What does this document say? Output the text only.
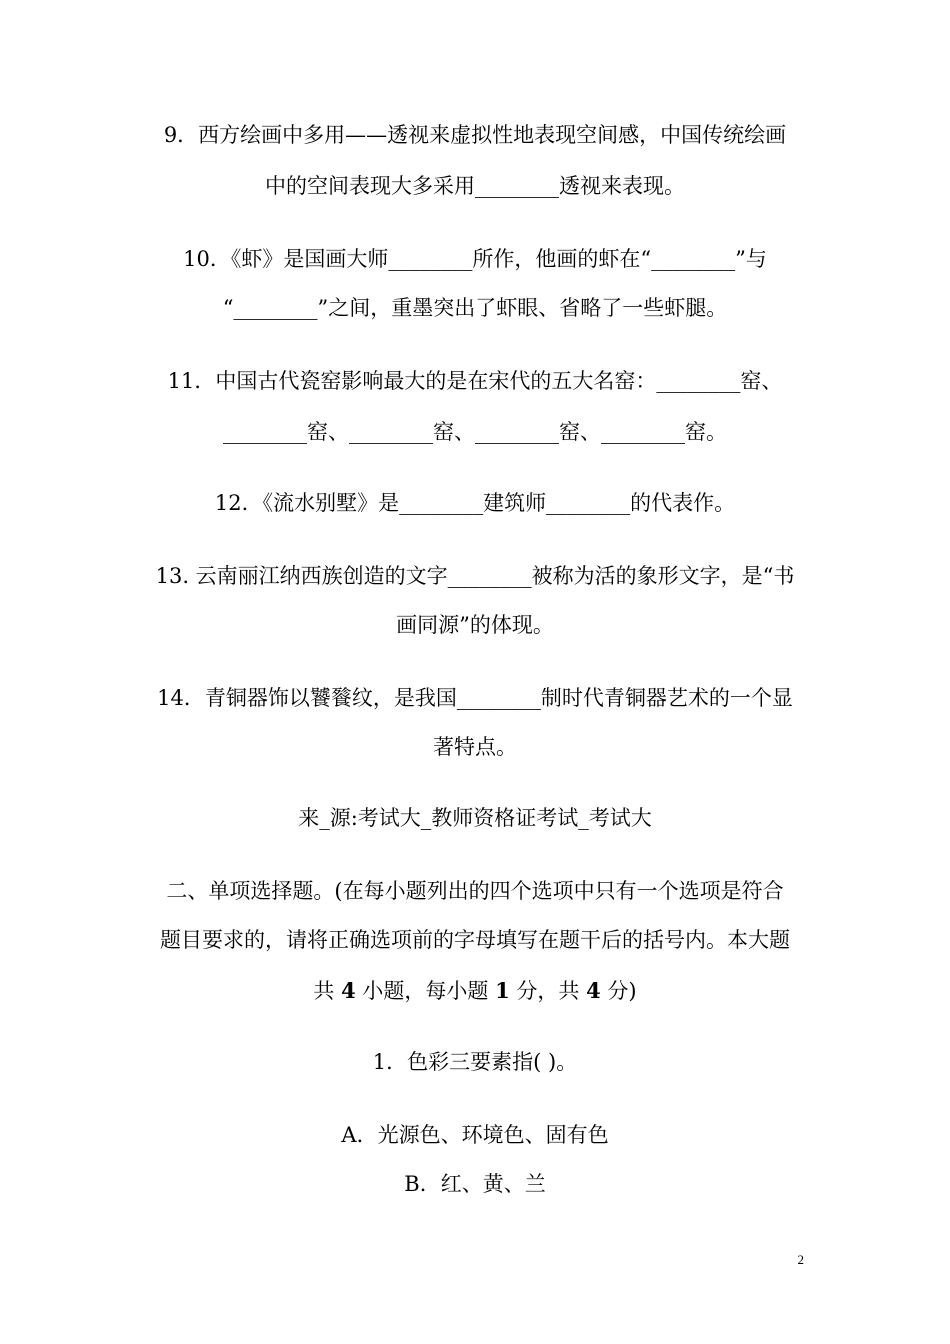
9．西方绘画中多用——透视来虚拟性地表现空间感，中国传统绘画
中的空间表现大多采用________透视来表现。
10．《虾》是国画大师________所作，他画的虾在“________”与
“________”之间，重墨突出了虾眼、省略了一些虾腿。
11．中国古代瓷窑影响最大的是在宋代的五大名窑：________窑、
________窑、________窑、________窑、________窑。
12．《流水别墅》是________建筑师________的代表作。
13. 云南丽江纳西族创造的文字________被称为活的象形文字，是“书
画同源”的体现。
14．青铜器饰以饕餮纹，是我国________制时代青铜器艺术的一个显
著特点。
来_源:考试大_教师资格证考试_考试大
二、单项选择题。(在每小题列出的四个选项中只有一个选项是符合
题目要求的，请将正确选项前的字母填写在题干后的括号内。本大题
共 4 小题，每小题 1 分，共 4 分)
1．色彩三要素指( )。
A．光源色、环境色、固有色
B．红、黄、兰
2
